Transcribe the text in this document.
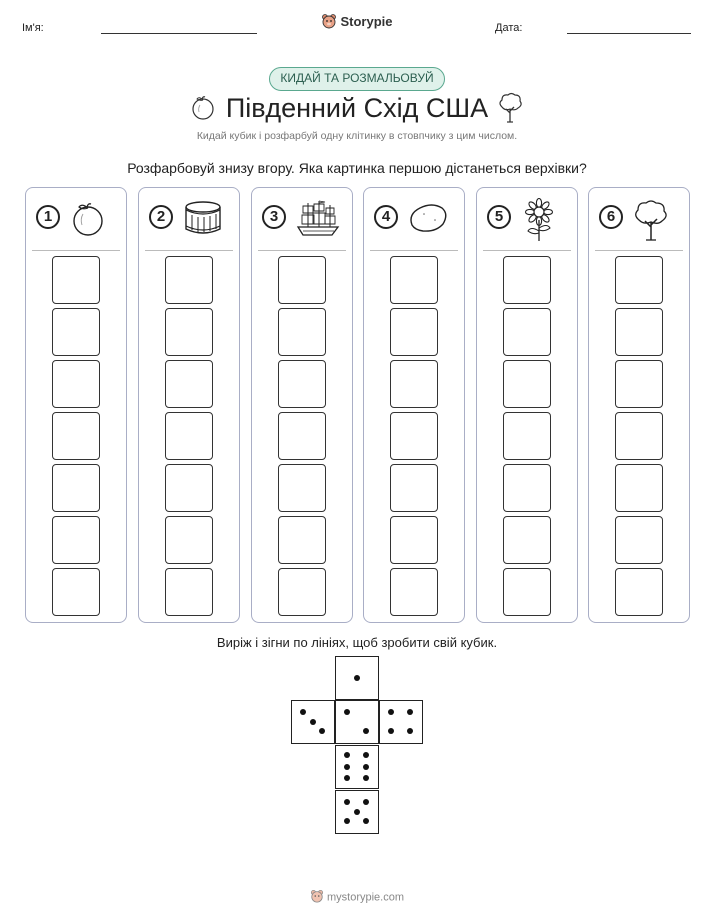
Ім'я:	Storypie	Дата:
КИДАЙ ТА РОЗМАЛЬОВУЙ
Південний Схід США
Кидай кубик і розфарбуй одну клітинку в стовпчику з цим числом.
Розфарбовуй знизу вгору. Яка картинка першою дістанеться верхівки?
1	2	3	4	5	6
Виріж і зігни по лініях, щоб зробити свій кубик.
mystorypie.com
